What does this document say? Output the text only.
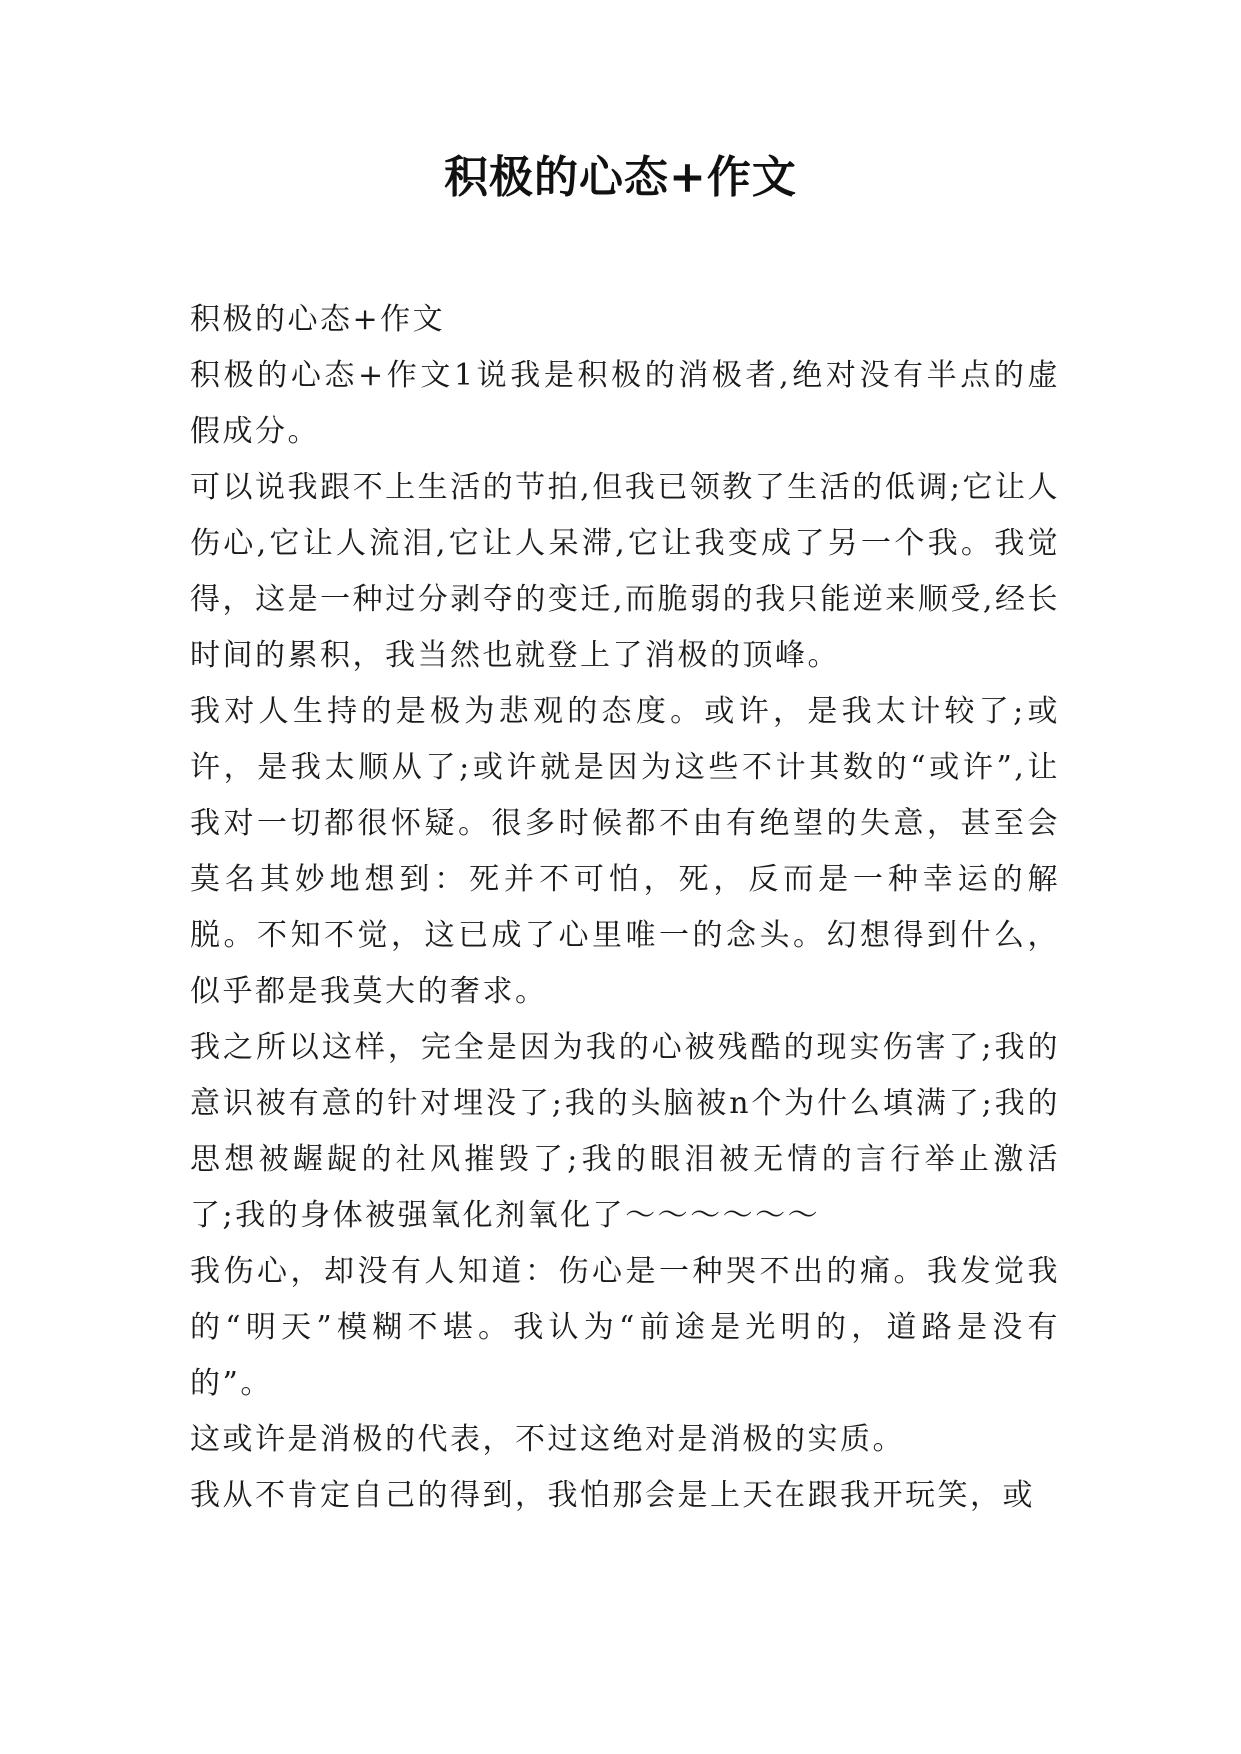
积极的心态+作文

积极的心态+作文

积极的心态+作文1说我是积极的消极者,绝对没有半点的虚假成分。

可以说我跟不上生活的节拍,但我已领教了生活的低调;它让人伤心,它让人流泪,它让人呆滞,它让我变成了另一个我。我觉得，这是一种过分剥夺的变迁,而脆弱的我只能逆来顺受,经长时间的累积，我当然也就登上了消极的顶峰。

我对人生持的是极为悲观的态度。或许，是我太计较了;或许，是我太顺从了;或许就是因为这些不计其数的“或许”,让我对一切都很怀疑。很多时候都不由有绝望的失意，甚至会莫名其妙地想到：死并不可怕，死，反而是一种幸运的解脱。不知不觉，这已成了心里唯一的念头。幻想得到什么，似乎都是我莫大的奢求。

我之所以这样，完全是因为我的心被残酷的现实伤害了;我的意识被有意的针对埋没了;我的头脑被n个为什么填满了;我的思想被龌龊的社风摧毁了;我的眼泪被无情的言行举止激活了;我的身体被强氧化剂氧化了～～～～～～

我伤心，却没有人知道：伤心是一种哭不出的痛。我发觉我的“明天”模糊不堪。我认为“前途是光明的，道路是没有的”。

这或许是消极的代表，不过这绝对是消极的实质。

我从不肯定自己的得到，我怕那会是上天在跟我开玩笑，或
